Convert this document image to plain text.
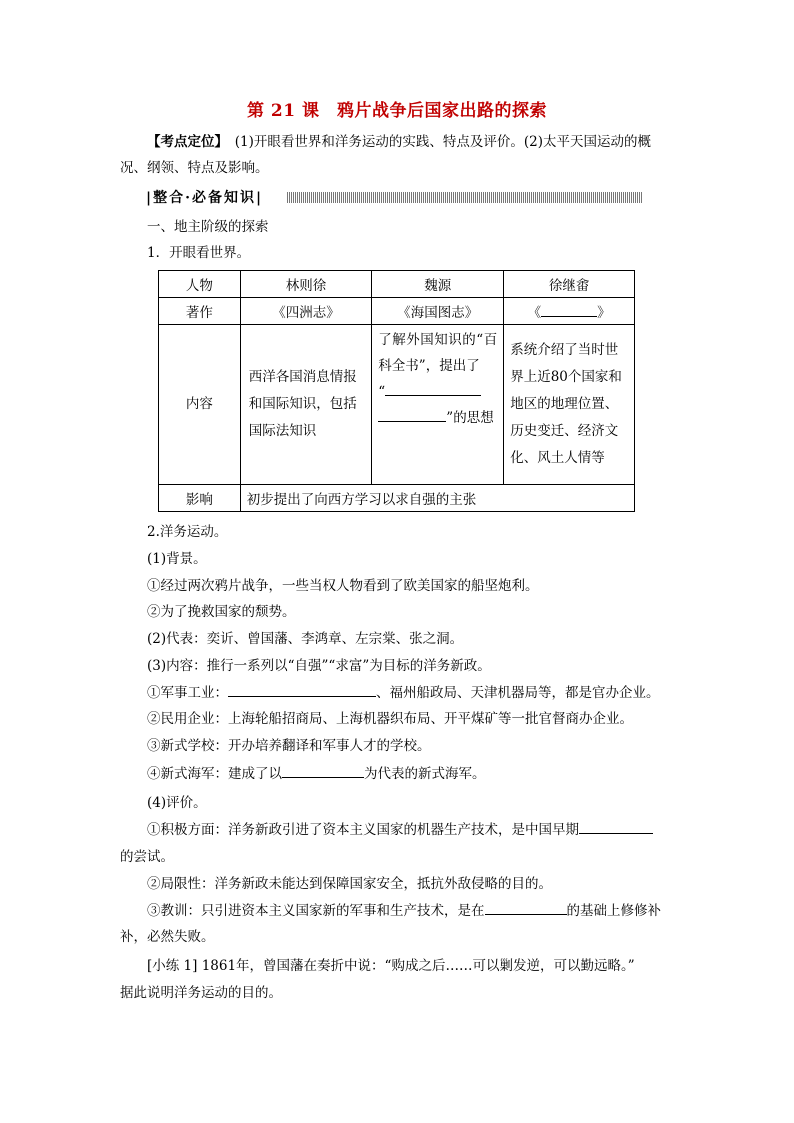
第 21 课　鸦片战争后国家出路的探索
【考点定位】　(1)开眼看世界和洋务运动的实践、特点及评价。(2)太平天国运动的概
况、纲领、特点及影响。
|整合·必备知识|
一、地主阶级的探索
1．开眼看世界。
人物	林则徐	魏源	徐继畬
著作	《四洲志》	《海国图志》	《 》
内容	西洋各国消息情报和国际知识，包括国际法知识	了解外国知识的“百科全书”，提出了
“
”的思想	系统介绍了当时世界上近80个国家和地区的地理位置、历史变迁、经济文化、风土人情等
影响	初步提出了向西方学习以求自强的主张		
2.洋务运动。
(1)背景。
①经过两次鸦片战争，一些当权人物看到了欧美国家的船坚炮利。
②为了挽救国家的颓势。
(2)代表：奕䜣、曾国藩、李鸿章、左宗棠、张之洞。
(3)内容：推行一系列以“自强”“求富”为目标的洋务新政。
①军事工业：	、福州船政局、天津机器局等，都是官办企业。
②民用企业：上海轮船招商局、上海机器织布局、开平煤矿等一批官督商办企业。
③新式学校：开办培养翻译和军事人才的学校。
④新式海军：建成了以	为代表的新式海军。
(4)评价。
①积极方面：洋务新政引进了资本主义国家的机器生产技术，是中国早期
的尝试。
②局限性：洋务新政未能达到保障国家安全，抵抗外敌侵略的目的。
③教训：只引进资本主义国家新的军事和生产技术，是在	的基础上修修补
补，必然失败。
[小练 1] 1861年，曾国藩在奏折中说：“购成之后……可以剿发逆，可以勤远略。”
据此说明洋务运动的目的。
